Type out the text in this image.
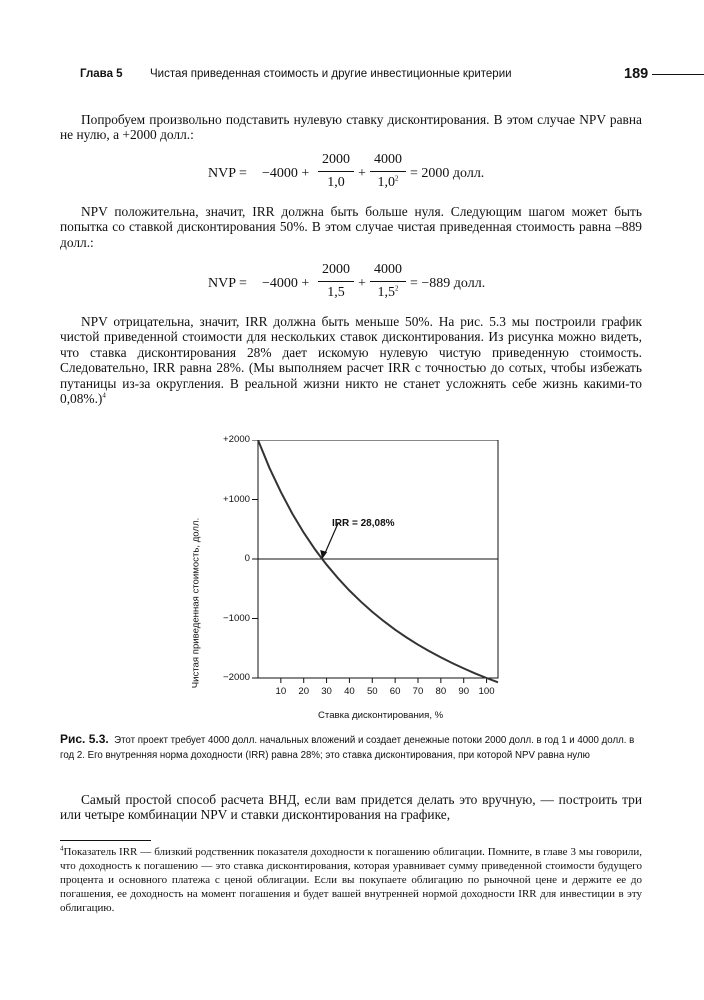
Глава 5 Чистая приведенная стоимость и другие инвестиционные критерии	189

Попробуем произвольно подставить нулевую ставку дисконтирования. В этом случае NPV равна не нулю, а +2000 долл.:

NVP = −4000 +
2000
1,0
+
4000
$1,0^2 = 2000$ долл.

NPV положительна, значит, IRR должна быть больше нуля. Следующим шагом может быть попытка со ставкой дисконтирования 50%. В этом случае чистая приведенная стоимость равна –889 долл.:

NVP = −4000 +
2000
1,5
+
4000
$1,5^2 = -889$ долл.

NPV отрицательна, значит, IRR должна быть меньше 50%. На рис. 5.3 мы построили график чистой приведенной стоимости для нескольких ставок дисконтирования. Из рисунка можно видеть, что ставка дисконтирования 28% дает искомую нулевую чистую приведенную стоимость. Следовательно, IRR равна 28%. (Мы выполняем расчет IRR с точностью до сотых, чтобы избежать путаницы из-за округления. В реальной жизни никто не станет усложнять себе жизнь какими-то 0,08%.)$^4$

Чистая приведенная стоимость, долл.
Ставка дисконтирования, %
IRR = 28,08%
+2000
+1000
0
−1000
−2000
10	20	30	40	50	60	70	80	90 100
Рис. 5.3. Этот проект требует 4000 долл. начальных вложений и создает денежные потоки 2000 долл. в год 1 и 4000 долл. в год 2. Его внутренняя норма доходности (IRR) равна 28%; это ставка дисконтирования, при которой NPV равна нулю

Самый простой способ расчета ВНД, если вам придется делать это вручную, — построить три или четыре комбинации NPV и ставки дисконтирования на графике,

$^4$Показатель IRR — близкий родственник показателя доходности к погашению облигации. Помните, в главе 3 мы говорили, что доходность к погашению — это ставка дисконтирования, которая уравнивает сумму приведенной стоимости будущего процента и основного платежа с ценой облигации. Если вы покупаете облигацию по рыночной цене и держите ее до погашения, ее доходность на момент погашения и будет вашей внутренней нормой доходности IRR для инвестиции в эту облигацию.
